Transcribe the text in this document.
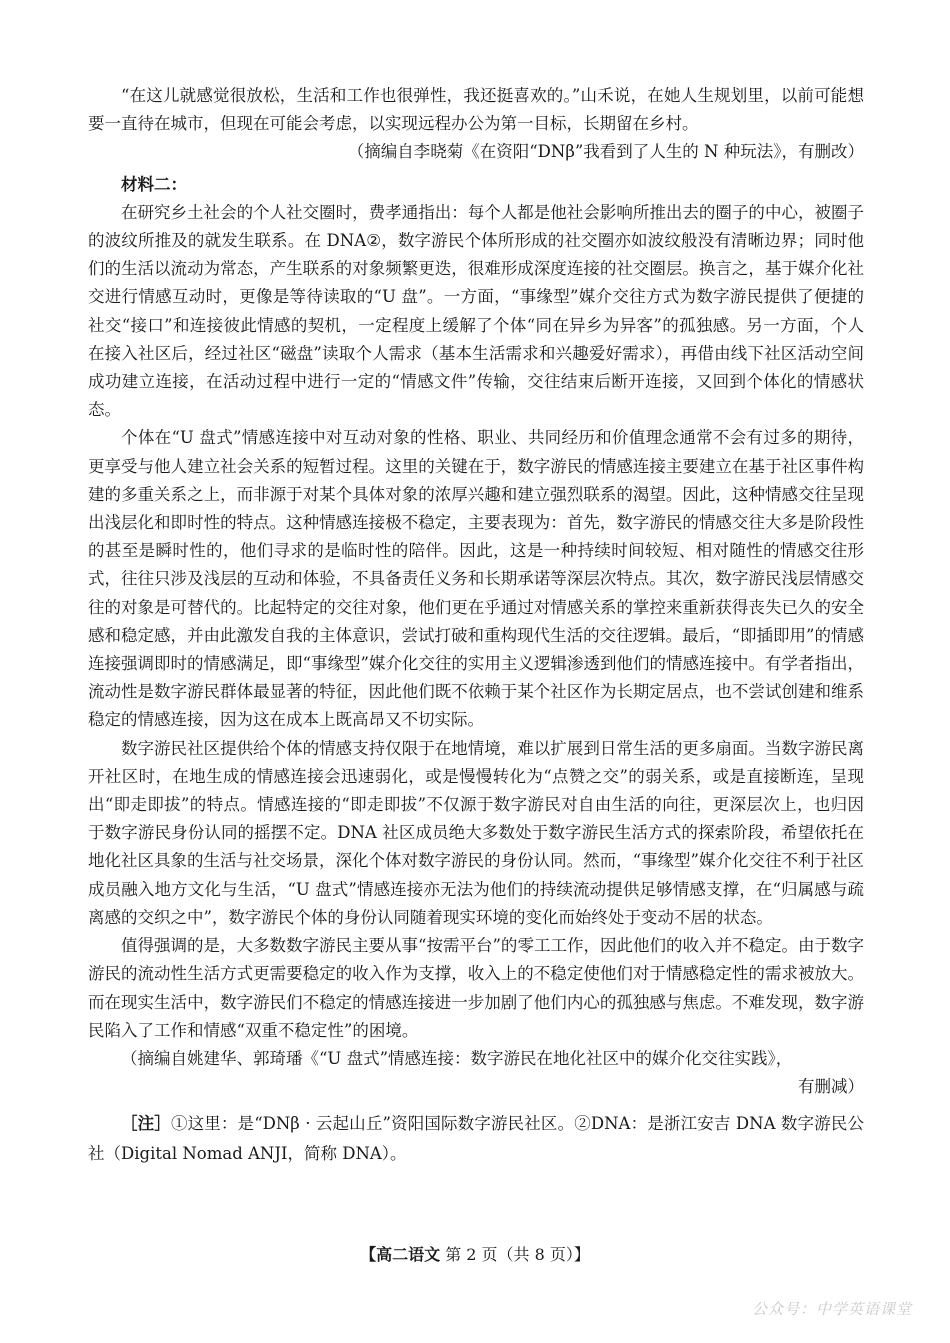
“在这儿就感觉很放松，生活和工作也很弹性，我还挺喜欢的。”山禾说，在她人生规划里，以前可能想要一直待在城市，但现在可能会考虑，以实现远程办公为第一目标，长期留在乡村。

（摘编自李晓菊《在资阳“DNβ”我看到了人生的 N 种玩法》，有删改）

材料二：

在研究乡土社会的个人社交圈时，费孝通指出：每个人都是他社会影响所推出去的圈子的中心，被圈子的波纹所推及的就发生联系。在 DNA②，数字游民个体所形成的社交圈亦如波纹般没有清晰边界；同时他们的生活以流动为常态，产生联系的对象频繁更迭，很难形成深度连接的社交圈层。换言之，基于媒介化社交进行情感互动时，更像是等待读取的“U 盘”。一方面，“事缘型”媒介交往方式为数字游民提供了便捷的社交“接口”和连接彼此情感的契机，一定程度上缓解了个体“同在异乡为异客”的孤独感。另一方面，个人在接入社区后，经过社区“磁盘”读取个人需求（基本生活需求和兴趣爱好需求），再借由线下社区活动空间成功建立连接，在活动过程中进行一定的“情感文件”传输，交往结束后断开连接，又回到个体化的情感状态。

个体在“U 盘式”情感连接中对互动对象的性格、职业、共同经历和价值理念通常不会有过多的期待，更享受与他人建立社会关系的短暂过程。这里的关键在于，数字游民的情感连接主要建立在基于社区事件构建的多重关系之上，而非源于对某个具体对象的浓厚兴趣和建立强烈联系的渴望。因此，这种情感交往呈现出浅层化和即时性的特点。这种情感连接极不稳定，主要表现为：首先，数字游民的情感交往大多是阶段性的甚至是瞬时性的，他们寻求的是临时性的陪伴。因此，这是一种持续时间较短、相对随性的情感交往形式，往往只涉及浅层的互动和体验，不具备责任义务和长期承诺等深层次特点。其次，数字游民浅层情感交往的对象是可替代的。比起特定的交往对象，他们更在乎通过对情感关系的掌控来重新获得丧失已久的安全感和稳定感，并由此激发自我的主体意识，尝试打破和重构现代生活的交往逻辑。最后，“即插即用”的情感连接强调即时的情感满足，即“事缘型”媒介化交往的实用主义逻辑渗透到他们的情感连接中。有学者指出，流动性是数字游民群体最显著的特征，因此他们既不依赖于某个社区作为长期定居点，也不尝试创建和维系稳定的情感连接，因为这在成本上既高昂又不切实际。

数字游民社区提供给个体的情感支持仅限于在地情境，难以扩展到日常生活的更多扇面。当数字游民离开社区时，在地生成的情感连接会迅速弱化，或是慢慢转化为“点赞之交”的弱关系，或是直接断连，呈现出“即走即拔”的特点。情感连接的“即走即拔”不仅源于数字游民对自由生活的向往，更深层次上，也归因于数字游民身份认同的摇摆不定。DNA 社区成员绝大多数处于数字游民生活方式的探索阶段，希望依托在地化社区具象的生活与社交场景，深化个体对数字游民的身份认同。然而，“事缘型”媒介化交往不利于社区成员融入地方文化与生活，“U 盘式”情感连接亦无法为他们的持续流动提供足够情感支撑，在“归属感与疏离感的交织之中”，数字游民个体的身份认同随着现实环境的变化而始终处于变动不居的状态。

值得强调的是，大多数数字游民主要从事“按需平台”的零工工作，因此他们的收入并不稳定。由于数字游民的流动性生活方式更需要稳定的收入作为支撑，收入上的不稳定使他们对于情感稳定性的需求被放大。而在现实生活中，数字游民们不稳定的情感连接进一步加剧了他们内心的孤独感与焦虑。不难发现，数字游民陷入了工作和情感“双重不稳定性”的困境。

（摘编自姚建华、郭琦璠《“U 盘式”情感连接：数字游民在地化社区中的媒介化交往实践》，

有删减）

［注］①这里：是“DNβ · 云起山丘”资阳国际数字游民社区。②DNA：是浙江安吉 DNA 数字游民公社（Digital Nomad ANJI，简称 DNA）。

【高二语文 第 2 页（共 8 页）】
公众号：中学英语课堂
